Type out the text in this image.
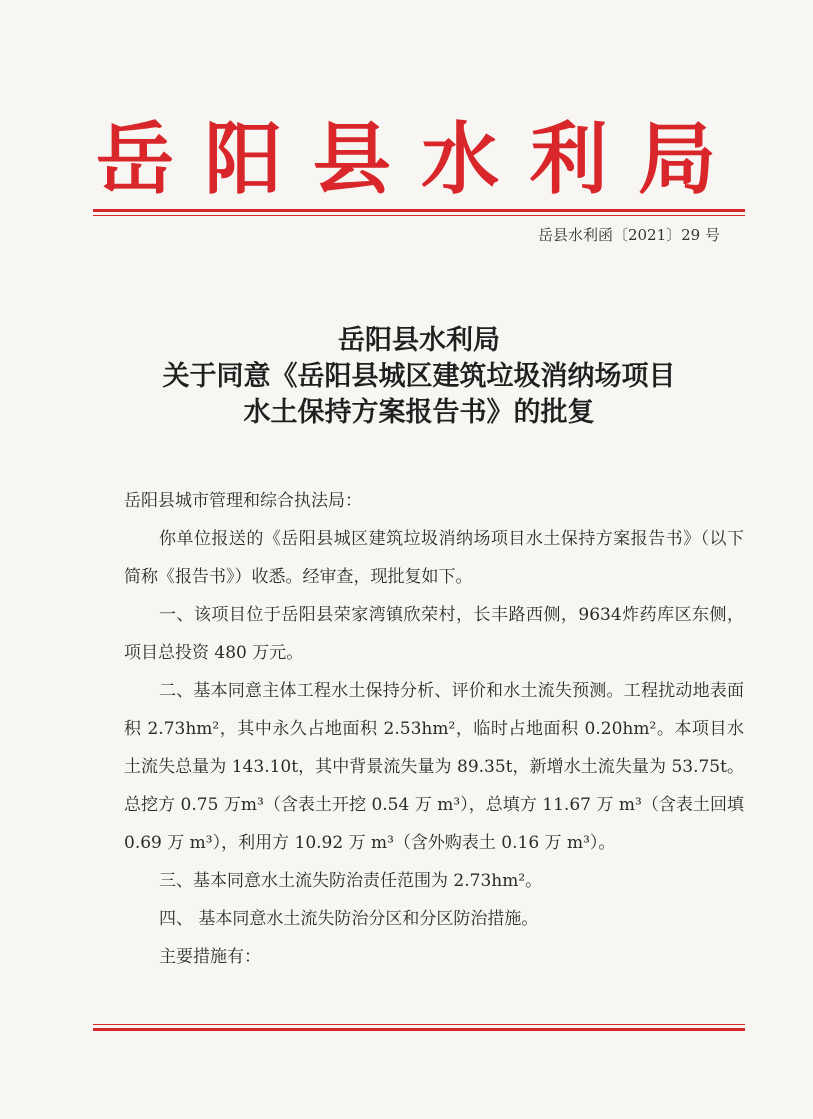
岳 阳 县 水 利 局
岳县水利函〔2021〕29 号
岳阳县水利局
关于同意《岳阳县城区建筑垃圾消纳场项目
水土保持方案报告书》的批复

岳阳县城市管理和综合执法局：

你单位报送的《岳阳县城区建筑垃圾消纳场项目水土保持方案报告书》（以下简称《报告书》）收悉。经审查，现批复如下。

一、该项目位于岳阳县荣家湾镇欣荣村，长丰路西侧，9634炸药库区东侧，项目总投资 480 万元。

二、基本同意主体工程水土保持分析、评价和水土流失预测。工程扰动地表面积 2.73hm²，其中永久占地面积 2.53hm²，临时占地面积 0.20hm²。本项目水土流失总量为 143.10t，其中背景流失量为 89.35t，新增水土流失量为 53.75t。总挖方 0.75 万m³（含表土开挖 0.54 万 m³），总填方 11.67 万 m³（含表土回填0.69 万 m³），利用方 10.92 万 m³（含外购表土 0.16 万 m³）。

三、基本同意水土流失防治责任范围为 2.73hm²。

四、 基本同意水土流失防治分区和分区防治措施。

主要措施有：
